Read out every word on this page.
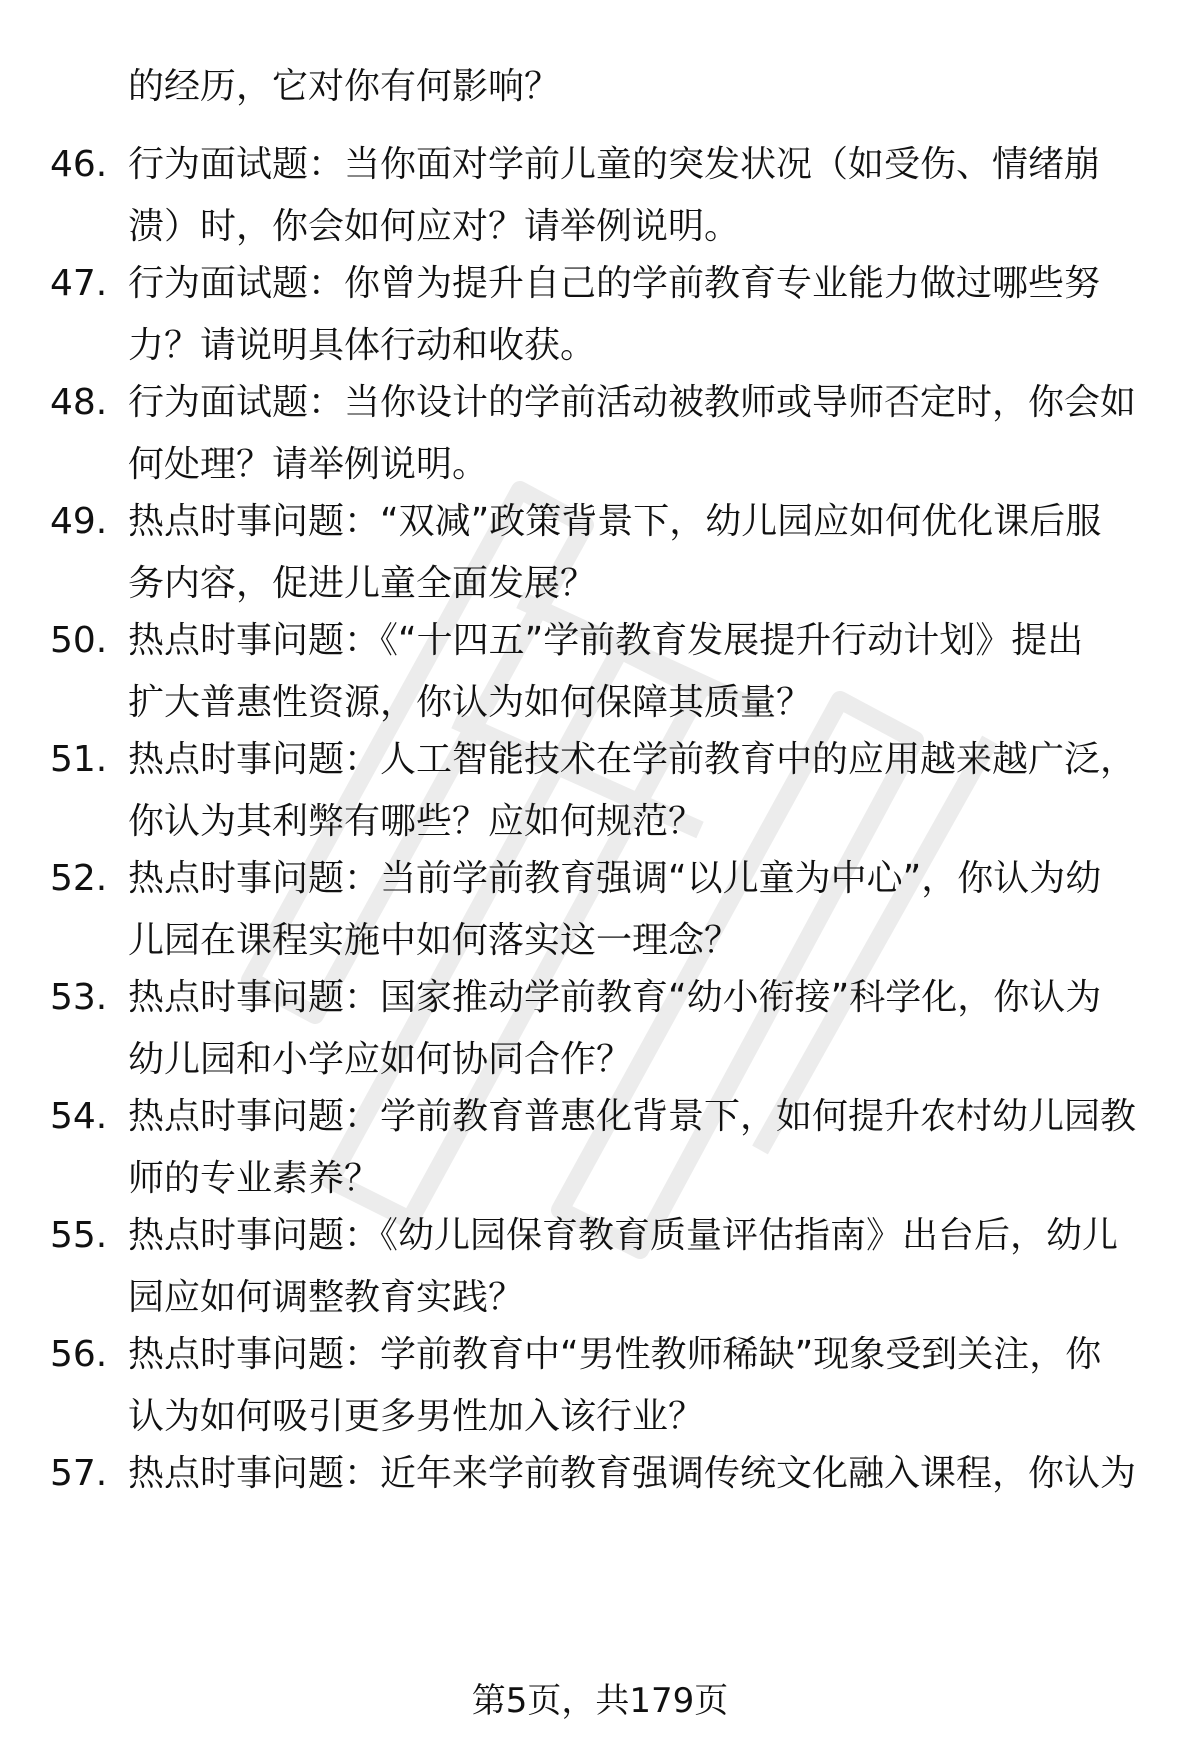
的经历，它对你有何影响？
46. 行为面试题：当你面对学前儿童的突发状况（如受伤、情绪崩
溃）时，你会如何应对？请举例说明。
47. 行为面试题：你曾为提升自己的学前教育专业能力做过哪些努
力？请说明具体行动和收获。
48. 行为面试题：当你设计的学前活动被教师或导师否定时，你会如
何处理？请举例说明。
49. 热点时事问题：“双减”政策背景下，幼儿园应如何优化课后服
务内容，促进儿童全面发展？
50. 热点时事问题：《“十四五”学前教育发展提升行动计划》提出
扩大普惠性资源，你认为如何保障其质量？
51. 热点时事问题：人工智能技术在学前教育中的应用越来越广泛，
你认为其利弊有哪些？应如何规范？
52. 热点时事问题：当前学前教育强调“以儿童为中心”，你认为幼
儿园在课程实施中如何落实这一理念？
53. 热点时事问题：国家推动学前教育“幼小衔接”科学化，你认为
幼儿园和小学应如何协同合作？
54. 热点时事问题：学前教育普惠化背景下，如何提升农村幼儿园教
师的专业素养？
55. 热点时事问题：《幼儿园保育教育质量评估指南》出台后，幼儿
园应如何调整教育实践？
56. 热点时事问题：学前教育中“男性教师稀缺”现象受到关注，你
认为如何吸引更多男性加入该行业？
57. 热点时事问题：近年来学前教育强调传统文化融入课程，你认为
第5页，共179页
